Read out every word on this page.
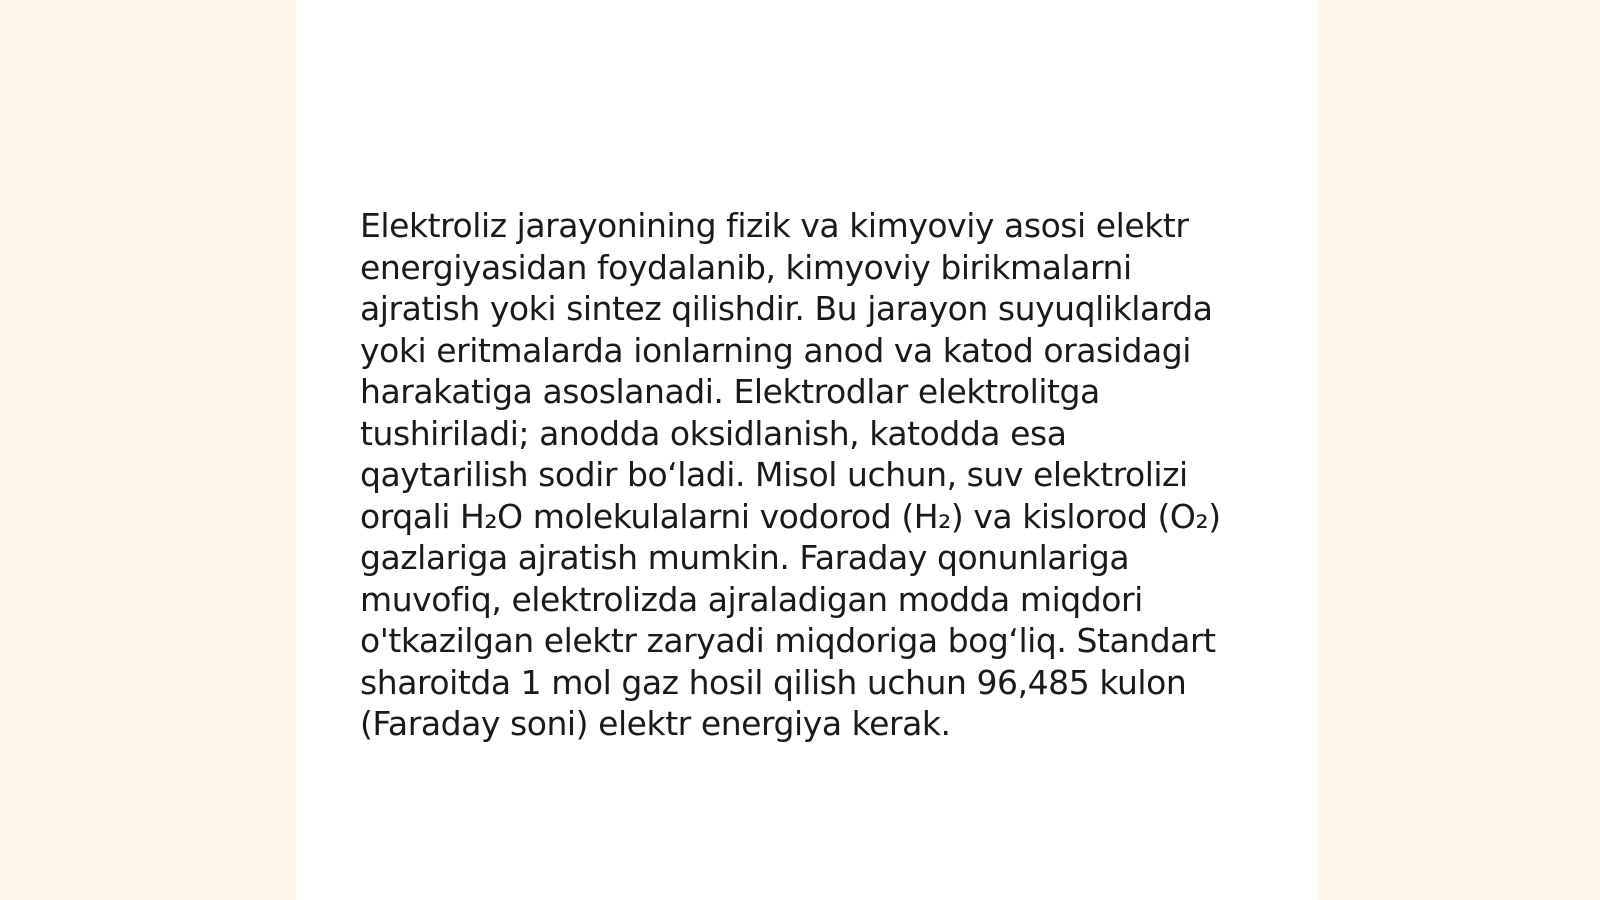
Elektroliz jarayonining fizik va kimyoviy asosi elektr
energiyasidan foydalanib, kimyoviy birikmalarni
ajratish yoki sintez qilishdir. Bu jarayon suyuqliklarda
yoki eritmalarda ionlarning anod va katod orasidagi
harakatiga asoslanadi. Elektrodlar elektrolitga
tushiriladi; anodda oksidlanish, katodda esa
qaytarilish sodir bo‘ladi. Misol uchun, suv elektrolizi
orqali H₂O molekulalarni vodorod (H₂) va kislorod (O₂)
gazlariga ajratish mumkin. Faraday qonunlariga
muvofiq, elektrolizda ajraladigan modda miqdori
o'tkazilgan elektr zaryadi miqdoriga bog‘liq. Standart
sharoitda 1 mol gaz hosil qilish uchun 96,485 kulon
(Faraday soni) elektr energiya kerak.
